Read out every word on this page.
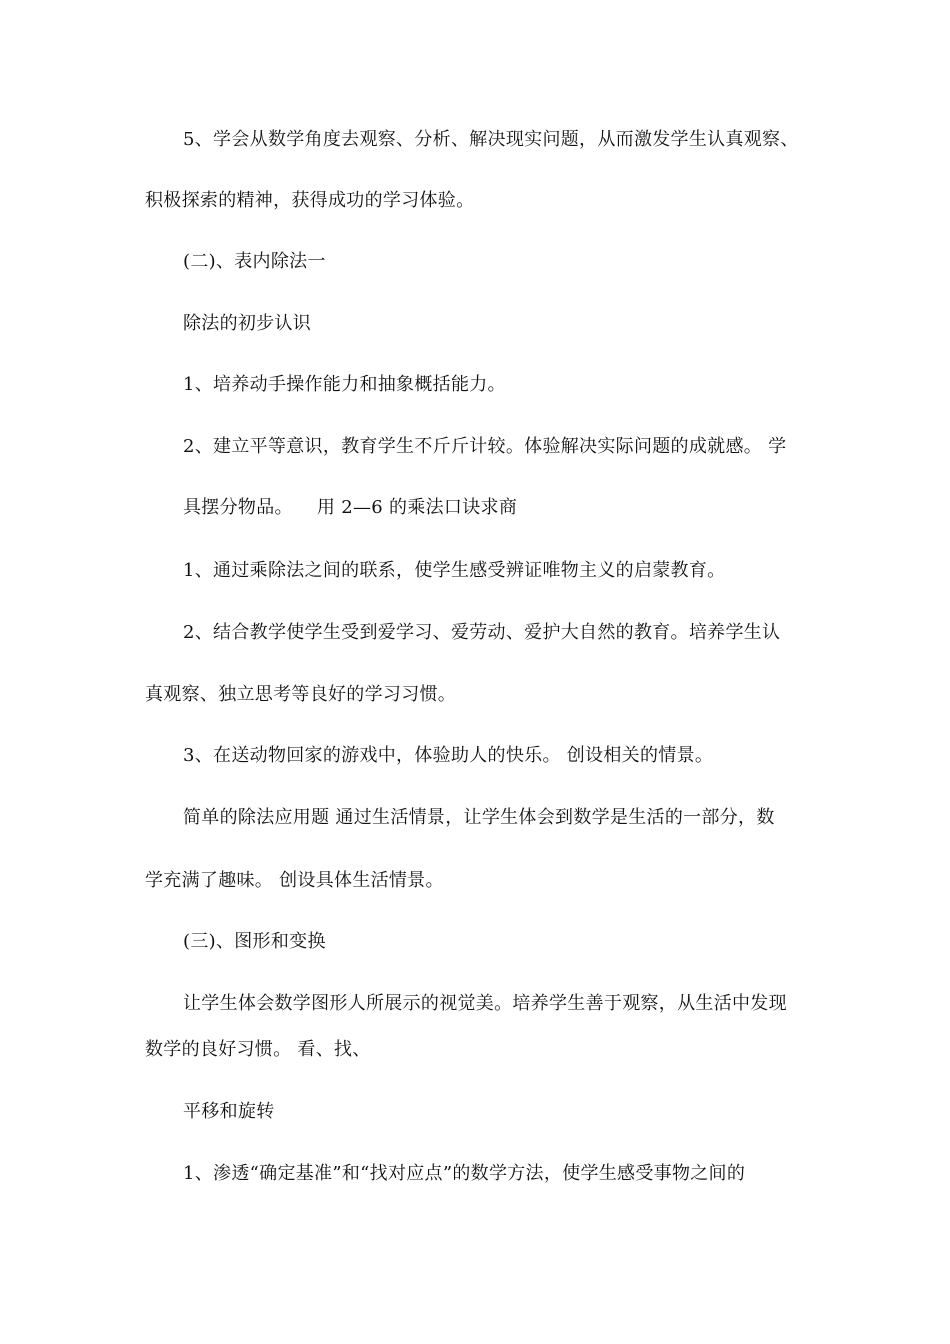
5、学会从数学角度去观察、分析、解决现实问题，从而激发学生认真观察、
积极探索的精神，获得成功的学习体验。
(二)、表内除法一
除法的初步认识
1、培养动手操作能力和抽象概括能力。
2、建立平等意识，教育学生不斤斤计较。体验解决实际问题的成就感。 学
具摆分物品。    用 2—6 的乘法口诀求商
1、通过乘除法之间的联系，使学生感受辨证唯物主义的启蒙教育。
2、结合教学使学生受到爱学习、爱劳动、爱护大自然的教育。培养学生认
真观察、独立思考等良好的学习习惯。
3、在送动物回家的游戏中，体验助人的快乐。 创设相关的情景。
简单的除法应用题 通过生活情景，让学生体会到数学是生活的一部分，数
学充满了趣味。 创设具体生活情景。
(三)、图形和变换
让学生体会数学图形人所展示的视觉美。培养学生善于观察，从生活中发现
数学的良好习惯。 看、找、
平移和旋转
1、渗透“确定基准”和“找对应点”的数学方法，使学生感受事物之间的
